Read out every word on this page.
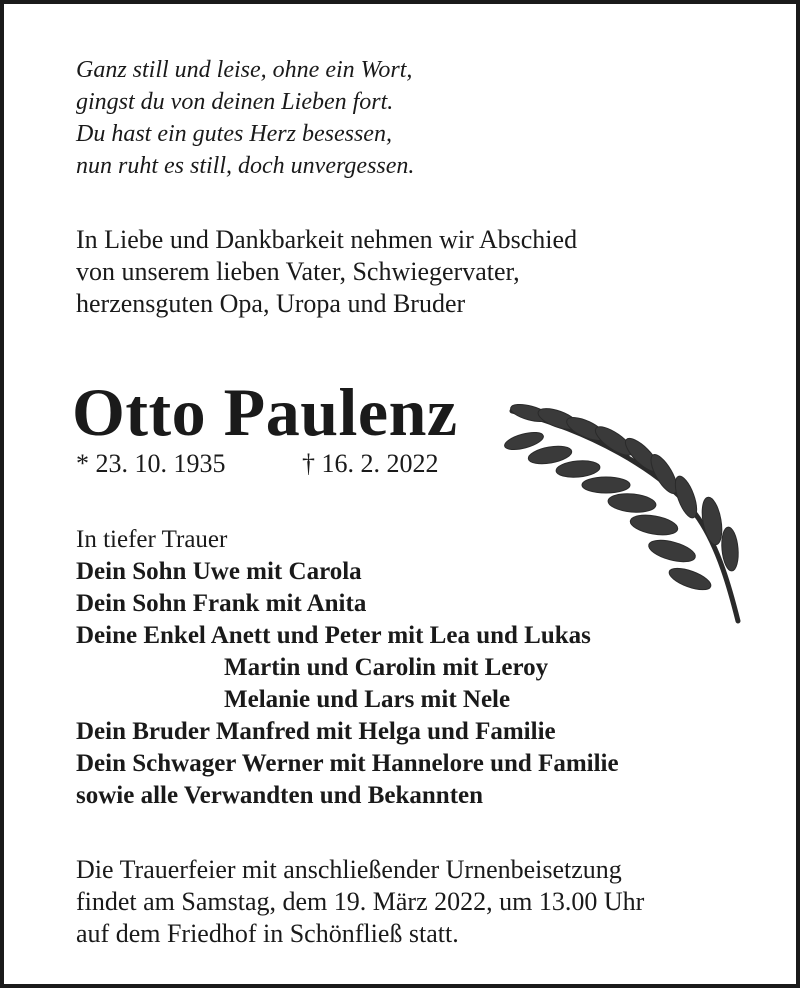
Ganz still und leise, ohne ein Wort,
gingst du von deinen Lieben fort.
Du hast ein gutes Herz besessen,
nun ruht es still, doch unvergessen.
In Liebe und Dankbarkeit nehmen wir Abschied
von unserem lieben Vater, Schwiegervater,
herzensguten Opa, Uropa und Bruder
Otto Paulenz
* 23. 10. 1935	† 16. 2. 2022
In tiefer Trauer
Dein Sohn Uwe mit Carola
Dein Sohn Frank mit Anita
Deine Enkel Anett und Peter mit Lea und Lukas
Martin und Carolin mit Leroy
Melanie und Lars mit Nele
Dein Bruder Manfred mit Helga und Familie
Dein Schwager Werner mit Hannelore und Familie
sowie alle Verwandten und Bekannten
Die Trauerfeier mit anschließender Urnenbeisetzung
findet am Samstag, dem 19. März 2022, um 13.00 Uhr
auf dem Friedhof in Schönfließ statt.
